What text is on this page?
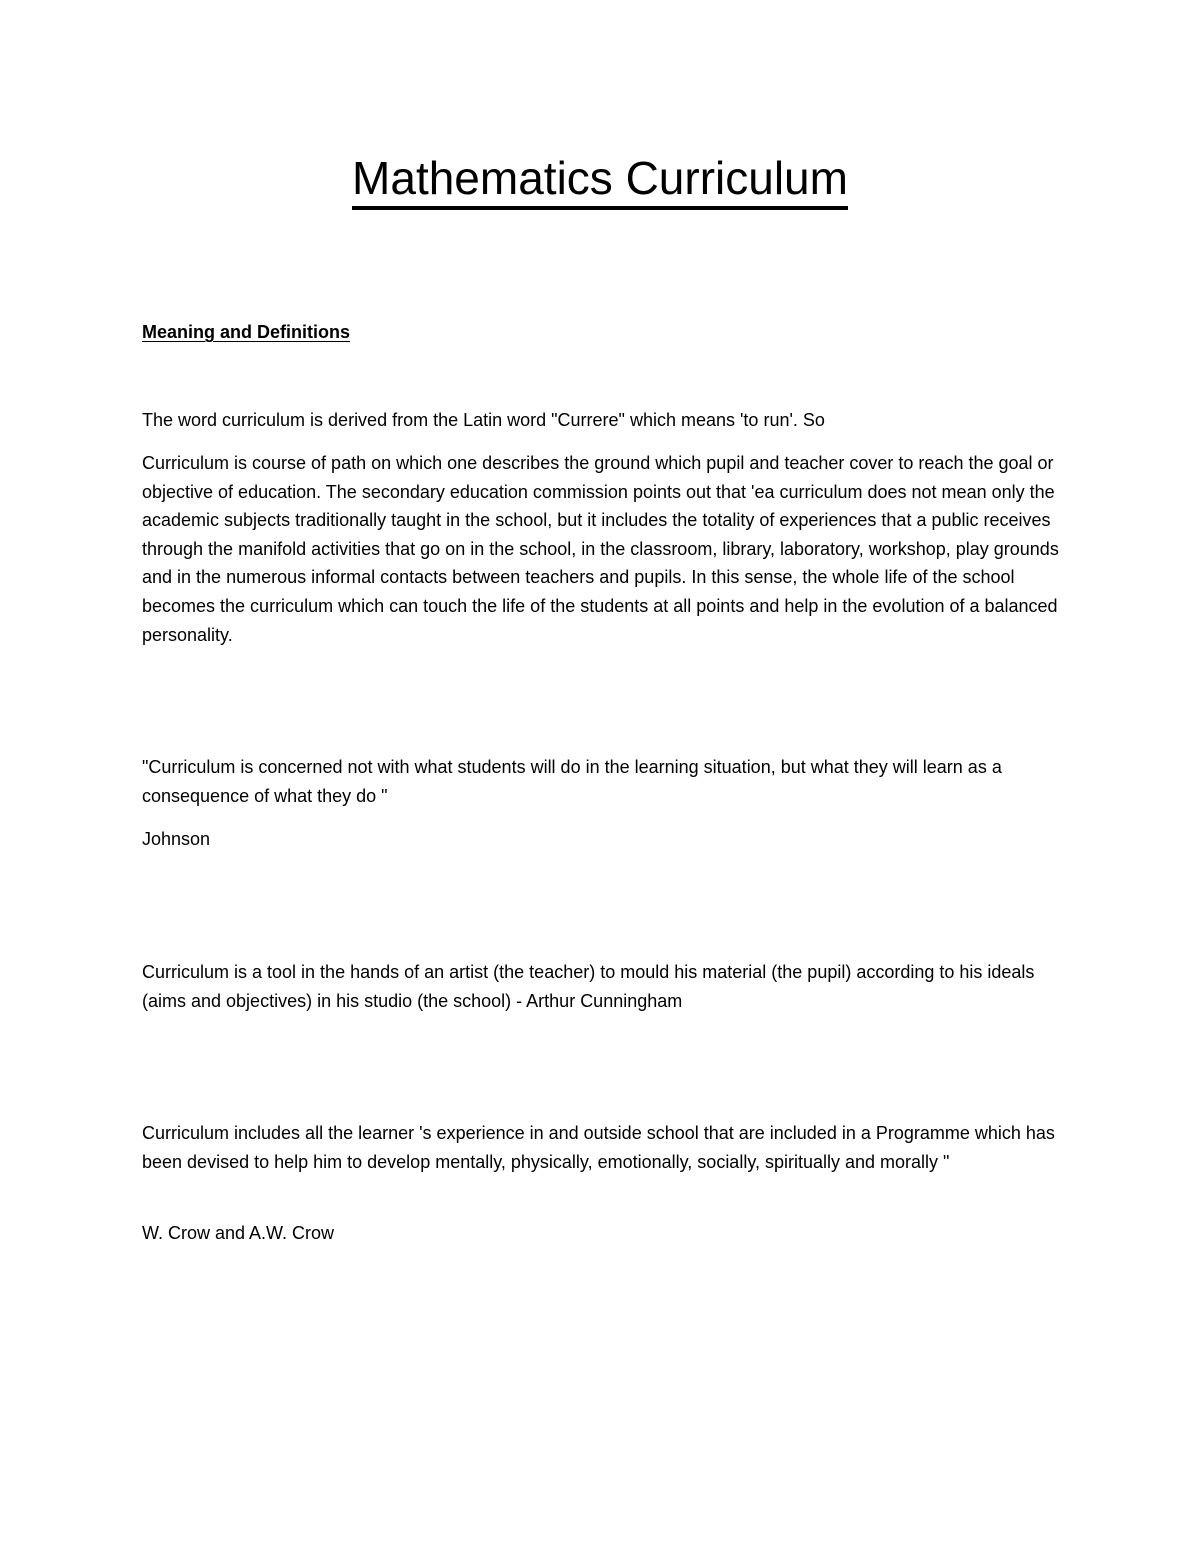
Mathematics Curriculum

Meaning and Definitions

The word curriculum is derived from the Latin word "Currere" which means 'to run'. So

Curriculum is course of path on which one describes the ground which pupil and teacher cover to reach the goal or objective of education. The secondary education commission points out that 'ea curriculum does not mean only the academic subjects traditionally taught in the school, but it includes the totality of experiences that a public receives through the manifold activities that go on in the school, in the classroom, library, laboratory, workshop, play grounds and in the numerous informal contacts between teachers and pupils. In this sense, the whole life of the school becomes the curriculum which can touch the life of the students at all points and help in the evolution of a balanced personality.

"Curriculum is concerned not with what students will do in the learning situation, but what they will learn as a consequence of what they do "

Johnson

Curriculum is a tool in the hands of an artist (the teacher) to mould his material (the pupil) according to his ideals (aims and objectives) in his studio (the school) - Arthur Cunningham

Curriculum includes all the learner 's experience in and outside school that are included in a Programme which has been devised to help him to develop mentally, physically, emotionally, socially, spiritually and morally "

W. Crow and A.W. Crow
